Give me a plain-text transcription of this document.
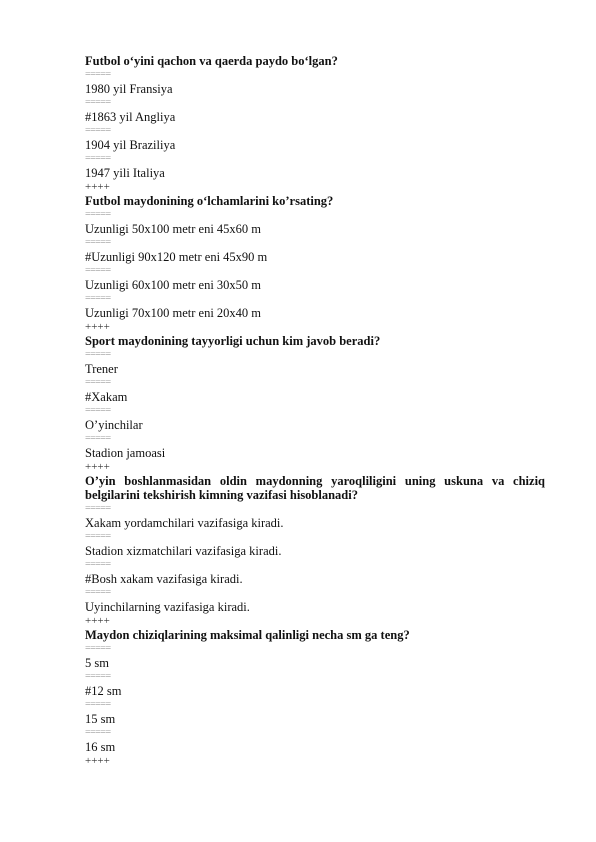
Futbol o‘yini qachon va qaerda paydo bo‘lgan?

=====

1980 yil Fransiya

=====

#1863 yil Angliya

=====

1904 yil Braziliya

=====

1947 yili Italiya

++++

Futbol maydonining o‘lchamlarini ko’rsating?

=====

Uzunligi 50x100 metr eni 45x60 m

=====

#Uzunligi 90x120 metr eni 45x90 m

=====

Uzunligi 60x100 metr eni 30x50 m

=====

Uzunligi 70x100 metr eni 20x40 m

++++

Sport maydonining tayyorligi uchun kim javob beradi?

=====

Trener

=====

#Xakam

=====

O’yinchilar

=====

Stadion jamoasi

++++

O’yin boshlanmasidan oldin maydonning yaroqliligini uning uskuna va chiziq belgilarini tekshirish kimning vazifasi hisoblanadi?

=====

Xakam yordamchilari vazifasiga kiradi.

=====

Stadion xizmatchilari vazifasiga kiradi.

=====

#Bosh xakam vazifasiga kiradi.

=====

Uyinchilarning vazifasiga kiradi.

++++

Maydon chiziqlarining maksimal qalinligi necha sm ga teng?

=====

5 sm

=====

#12 sm

=====

15 sm

=====

16 sm

++++
